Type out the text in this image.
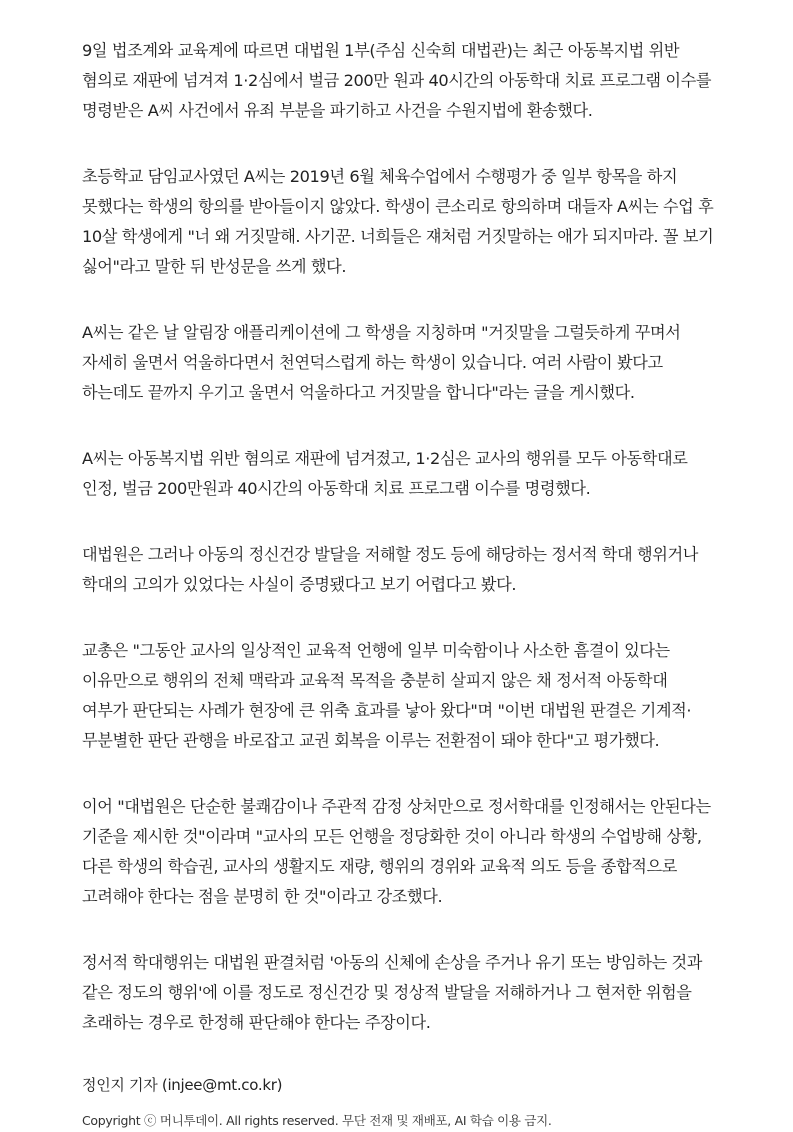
9일 법조계와 교육계에 따르면 대법원 1부(주심 신숙희 대법관)는 최근 아동복지법 위반 혐의로 재판에 넘겨져 1·2심에서 벌금 200만 원과 40시간의 아동학대 치료 프로그램 이수를 명령받은 A씨 사건에서 유죄 부분을 파기하고 사건을 수원지법에 환송했다.

초등학교 담임교사였던 A씨는 2019년 6월 체육수업에서 수행평가 중 일부 항목을 하지 못했다는 학생의 항의를 받아들이지 않았다. 학생이 큰소리로 항의하며 대들자 A씨는 수업 후 10살 학생에게 "너 왜 거짓말해. 사기꾼. 너희들은 쟤처럼 거짓말하는 애가 되지마라. 꼴 보기 싫어"라고 말한 뒤 반성문을 쓰게 했다.

A씨는 같은 날 알림장 애플리케이션에 그 학생을 지칭하며 "거짓말을 그럴듯하게 꾸며서 자세히 울면서 억울하다면서 천연덕스럽게 하는 학생이 있습니다. 여러 사람이 봤다고 하는데도 끝까지 우기고 울면서 억울하다고 거짓말을 합니다"라는 글을 게시했다.

A씨는 아동복지법 위반 혐의로 재판에 넘겨졌고, 1·2심은 교사의 행위를 모두 아동학대로 인정, 벌금 200만원과 40시간의 아동학대 치료 프로그램 이수를 명령했다.

대법원은 그러나 아동의 정신건강 발달을 저해할 정도 등에 해당하는 정서적 학대 행위거나 학대의 고의가 있었다는 사실이 증명됐다고 보기 어렵다고 봤다.

교총은 "그동안 교사의 일상적인 교육적 언행에 일부 미숙함이나 사소한 흠결이 있다는 이유만으로 행위의 전체 맥락과 교육적 목적을 충분히 살피지 않은 채 정서적 아동학대 여부가 판단되는 사례가 현장에 큰 위축 효과를 낳아 왔다"며 "이번 대법원 판결은 기계적·무분별한 판단 관행을 바로잡고 교권 회복을 이루는 전환점이 돼야 한다"고 평가했다.

이어 "대법원은 단순한 불쾌감이나 주관적 감정 상처만으로 정서학대를 인정해서는 안된다는 기준을 제시한 것"이라며 "교사의 모든 언행을 정당화한 것이 아니라 학생의 수업방해 상황, 다른 학생의 학습권, 교사의 생활지도 재량, 행위의 경위와 교육적 의도 등을 종합적으로 고려해야 한다는 점을 분명히 한 것"이라고 강조했다.

정서적 학대행위는 대법원 판결처럼 '아동의 신체에 손상을 주거나 유기 또는 방임하는 것과 같은 정도의 행위'에 이를 정도로 정신건강 및 정상적 발달을 저해하거나 그 현저한 위험을 초래하는 경우로 한정해 판단해야 한다는 주장이다.

정인지 기자 (injee@mt.co.kr)

Copyright ⓒ 머니투데이. All rights reserved. 무단 전재 및 재배포, AI 학습 이용 금지.
